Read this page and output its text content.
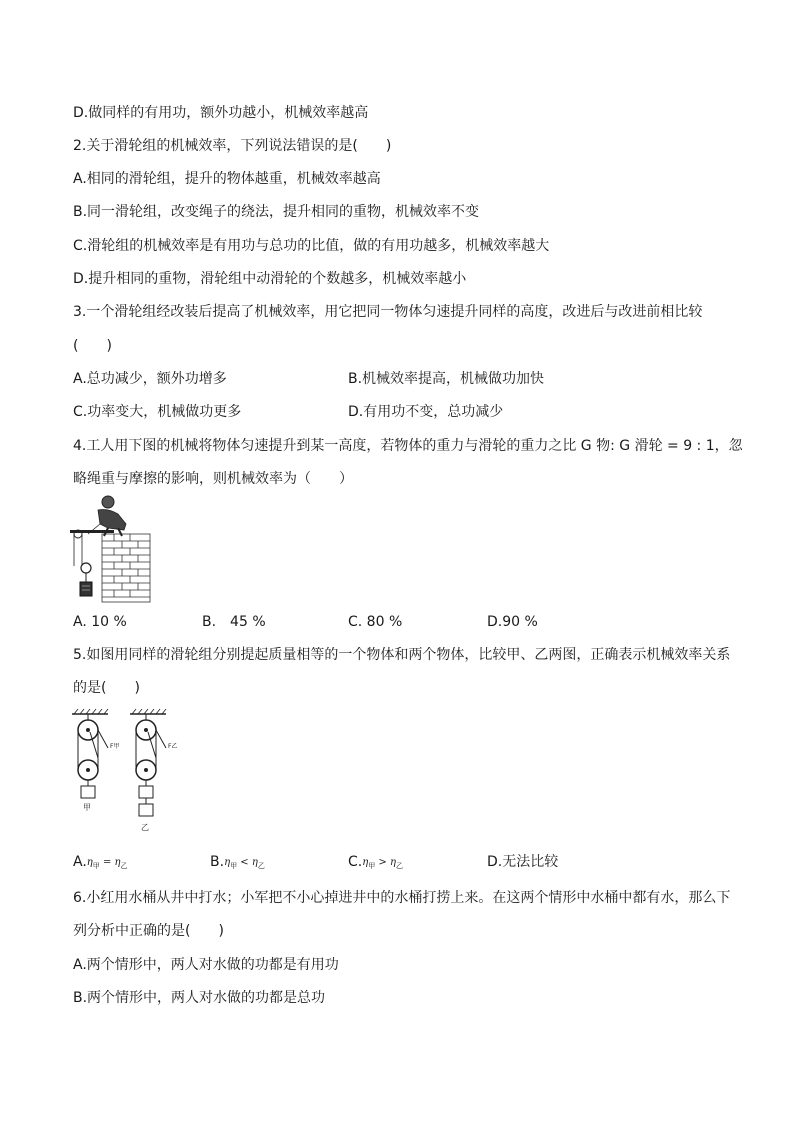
D.做同样的有用功，额外功越小，机械效率越高
2.关于滑轮组的机械效率，下列说法错误的是(　　)
A.相同的滑轮组，提升的物体越重，机械效率越高
B.同一滑轮组，改变绳子的绕法，提升相同的重物，机械效率不变
C.滑轮组的机械效率是有用功与总功的比值，做的有用功越多，机械效率越大
D.提升相同的重物，滑轮组中动滑轮的个数越多，机械效率越小
3.一个滑轮组经改装后提高了机械效率，用它把同一物体匀速提升同样的高度，改进后与改进前相比较
(　　)
A.总功减少，额外功增多	B.机械效率提高，机械做功加快
C.功率变大，机械做功更多	D.有用功不变，总功减少
4.工人用下图的机械将物体匀速提升到某一高度，若物体的重力与滑轮的重力之比 G 物: G 滑轮 = 9 : 1，忽
略绳重与摩擦的影响，则机械效率为（　　）
A. 10 %	B.　45 %	C. 80 %	D.90 %
5.如图用同样的滑轮组分别提起质量相等的一个物体和两个物体，比较甲、乙两图，正确表示机械效率关系
的是(　　)
F甲
甲
F乙
乙
$A.\eta_甲 = \eta_乙$	$B.\eta_甲 < \eta_乙$	$C.\eta_甲 > \eta_乙$	D.无法比较
6.小红用水桶从井中打水；小军把不小心掉进井中的水桶打捞上来。在这两个情形中水桶中都有水，那么下
列分析中正确的是(　　)
A.两个情形中，两人对水做的功都是有用功
B.两个情形中，两人对水做的功都是总功
